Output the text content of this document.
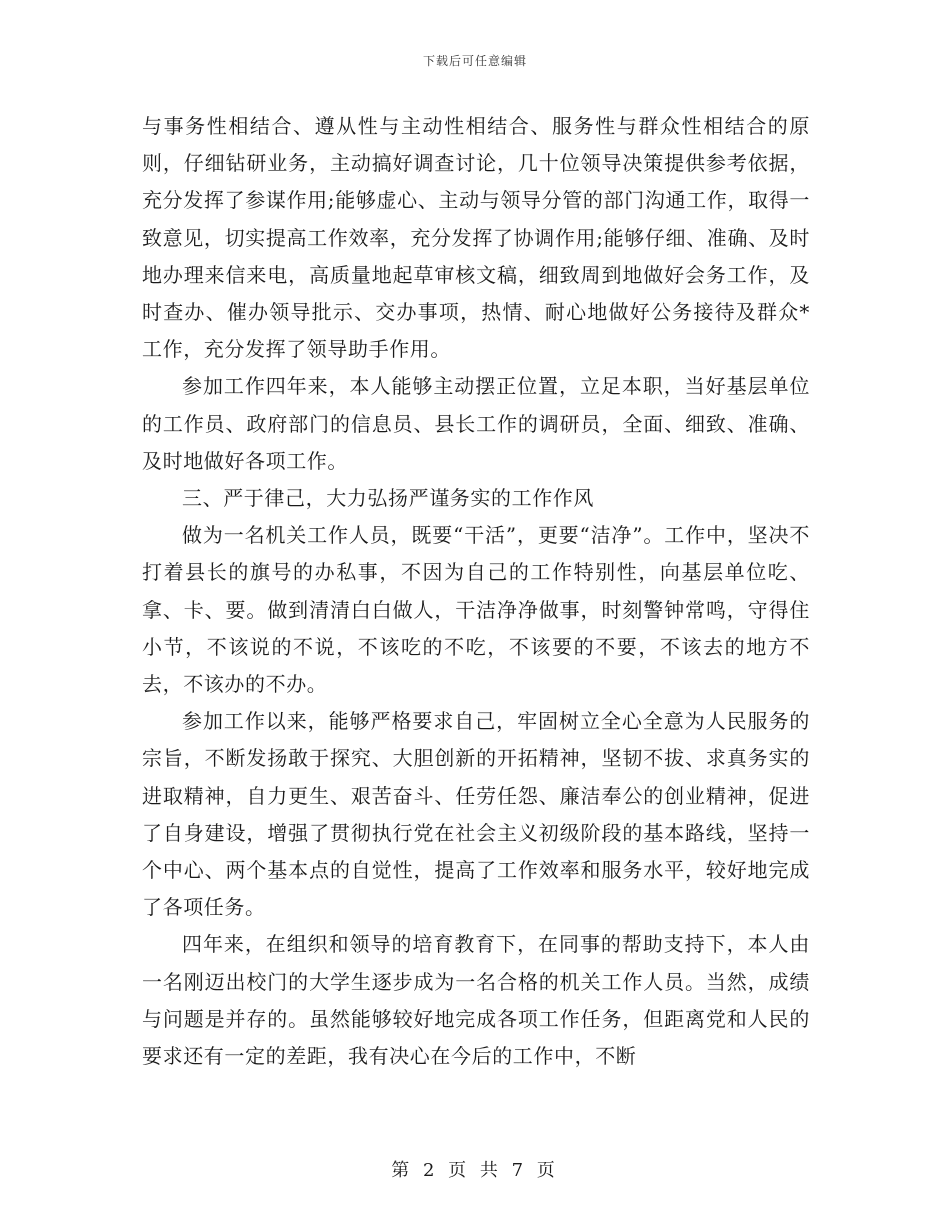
下载后可任意编辑

与事务性相结合、遵从性与主动性相结合、服务性与群众性相结合的原则，仔细钻研业务，主动搞好调查讨论，几十位领导决策提供参考依据，充分发挥了参谋作用;能够虚心、主动与领导分管的部门沟通工作，取得一致意见，切实提高工作效率，充分发挥了协调作用;能够仔细、准确、及时地办理来信来电，高质量地起草审核文稿，细致周到地做好会务工作，及时查办、催办领导批示、交办事项，热情、耐心地做好公务接待及群众*工作，充分发挥了领导助手作用。

参加工作四年来，本人能够主动摆正位置，立足本职，当好基层单位的工作员、政府部门的信息员、县长工作的调研员，全面、细致、准确、及时地做好各项工作。

三、严于律己，大力弘扬严谨务实的工作作风

做为一名机关工作人员，既要“干活”，更要“洁净”。工作中，坚决不打着县长的旗号的办私事，不因为自己的工作特别性，向基层单位吃、拿、卡、要。做到清清白白做人，干洁净净做事，时刻警钟常鸣，守得住小节，不该说的不说，不该吃的不吃，不该要的不要，不该去的地方不去，不该办的不办。

参加工作以来，能够严格要求自己，牢固树立全心全意为人民服务的宗旨，不断发扬敢于探究、大胆创新的开拓精神，坚韧不拔、求真务实的进取精神，自力更生、艰苦奋斗、任劳任怨、廉洁奉公的创业精神，促进了自身建设，增强了贯彻执行党在社会主义初级阶段的基本路线，坚持一个中心、两个基本点的自觉性，提高了工作效率和服务水平，较好地完成了各项任务。

四年来，在组织和领导的培育教育下，在同事的帮助支持下，本人由一名刚迈出校门的大学生逐步成为一名合格的机关工作人员。当然，成绩与问题是并存的。虽然能够较好地完成各项工作任务，但距离党和人民的要求还有一定的差距，我有决心在今后的工作中，不断

第 2 页 共 7 页
